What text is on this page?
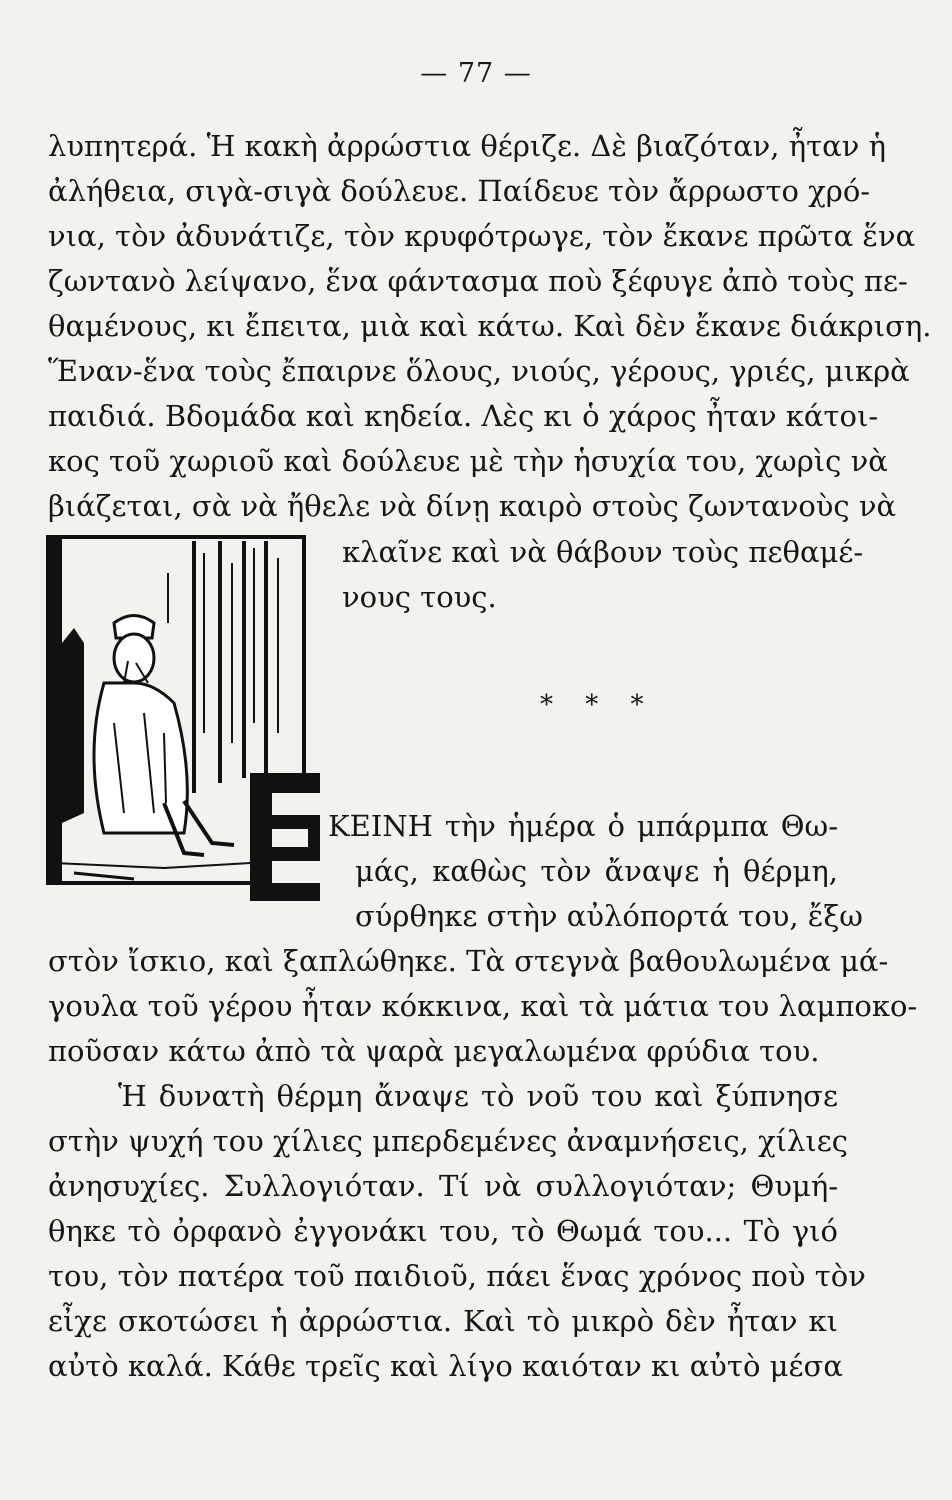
— 77 —
λυπητερά. Ἡ κακὴ ἀρρώστια θέριζε. Δὲ βιαζόταν, ἦταν ἡ
ἀλήθεια, σιγὰ-σιγὰ δούλευε. Παίδευε τὸν ἄρρωστο χρό-
νια, τὸν ἀδυνάτιζε, τὸν κρυφότρωγε, τὸν ἔκανε πρῶτα ἕνα
ζωντανὸ λείψανο, ἕνα φάντασμα ποὺ ξέφυγε ἀπὸ τοὺς πε-
θαμένους, κι ἔπειτα, μιὰ καὶ κάτω. Καὶ δὲν ἔκανε διάκριση.
Ἕναν-ἕνα τοὺς ἔπαιρνε ὅλους, νιούς, γέρους, γριές, μικρὰ
παιδιά. Βδομάδα καὶ κηδεία. Λὲς κι ὁ χάρος ἦταν κάτοι-
κος τοῦ χωριοῦ καὶ δούλευε μὲ τὴν ἡσυχία του, χωρὶς νὰ
βιάζεται, σὰ νὰ ἤθελε νὰ δίνῃ καιρὸ στοὺς ζωντανοὺς νὰ
κλαῖνε καὶ νὰ θάβουν τοὺς πεθαμέ-
νους τους.
* * *
ΚΕΙΝΗ τὴν ἡμέρα ὁ μπάρμπα Θω-
μάς, καθὼς τὸν ἄναψε ἡ θέρμη,
σύρθηκε στὴν αὐλόπορτά του, ἔξω
στὸν ἴσκιο, καὶ ξαπλώθηκε. Τὰ στεγνὰ βαθουλωμένα μά-
γουλα τοῦ γέρου ἦταν κόκκινα, καὶ τὰ μάτια του λαμποκο-
ποῦσαν κάτω ἀπὸ τὰ ψαρὰ μεγαλωμένα φρύδια του.
Ἡ δυνατὴ θέρμη ἄναψε τὸ νοῦ του καὶ ξύπνησε
στὴν ψυχή του χίλιες μπερδεμένες ἀναμνήσεις, χίλιες
ἀνησυχίες. Συλλογιόταν. Τί νὰ συλλογιόταν; Θυμή-
θηκε τὸ ὀρφανὸ ἐγγονάκι του, τὸ Θωμά του... Τὸ γιό
του, τὸν πατέρα τοῦ παιδιοῦ, πάει ἕνας χρόνος ποὺ τὸν
εἶχε σκοτώσει ἡ ἀρρώστια. Καὶ τὸ μικρὸ δὲν ἦταν κι
αὐτὸ καλά. Κάθε τρεῖς καὶ λίγο καιόταν κι αὐτὸ μέσα
